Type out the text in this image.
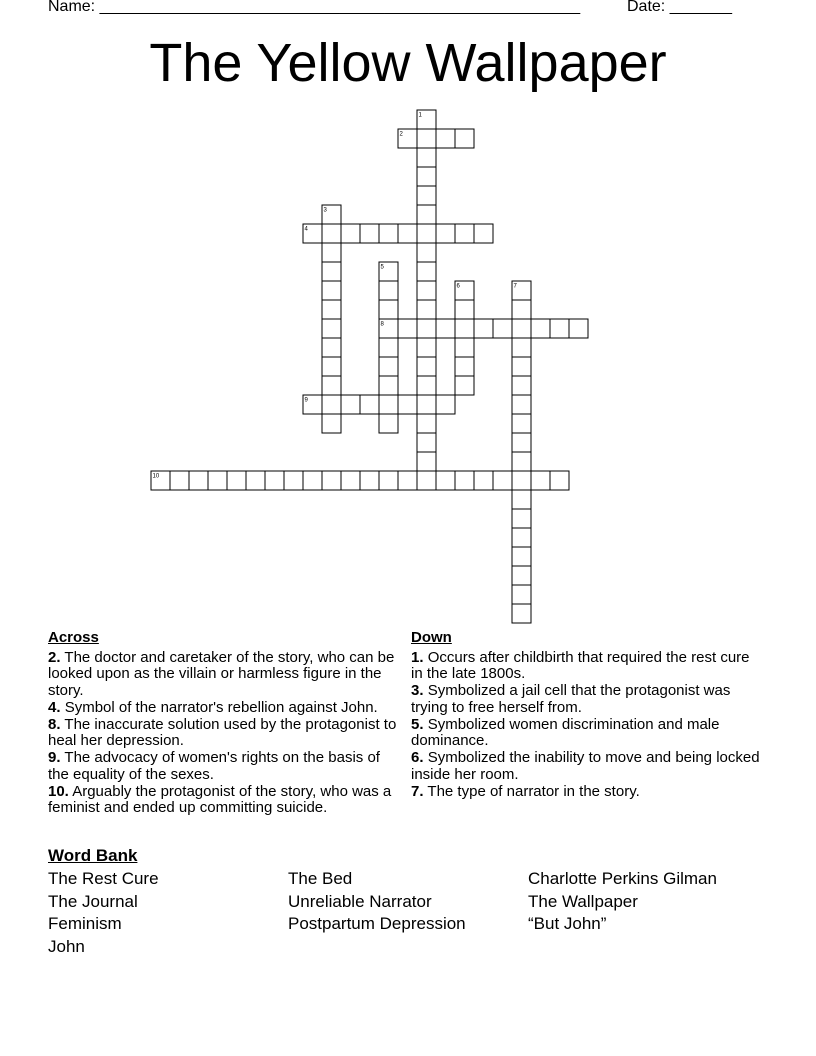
Name: ______________________________________________________	Date: _______
The Yellow Wallpaper
1
2
3
4
5
6	7
8
9
10
Across
2. The doctor and caretaker of the story, who can be looked upon as the villain or harmless figure in the story.
4. Symbol of the narrator's rebellion against John.
8. The inaccurate solution used by the protagonist to heal her depression.
9. The advocacy of women's rights on the basis of the equality of the sexes.
10. Arguably the protagonist of the story, who was a feminist and ended up committing suicide.
Down
1. Occurs after childbirth that required the rest cure in the late 1800s.
3. Symbolized a jail cell that the protagonist was trying to free herself from.
5. Symbolized women discrimination and male dominance.
6. Symbolized the inability to move and being locked inside her room.
7. The type of narrator in the story.
Word Bank
The Rest Cure
The Journal
Feminism
John
The Bed
Unreliable Narrator
Postpartum Depression
Charlotte Perkins Gilman
The Wallpaper
“But John”
